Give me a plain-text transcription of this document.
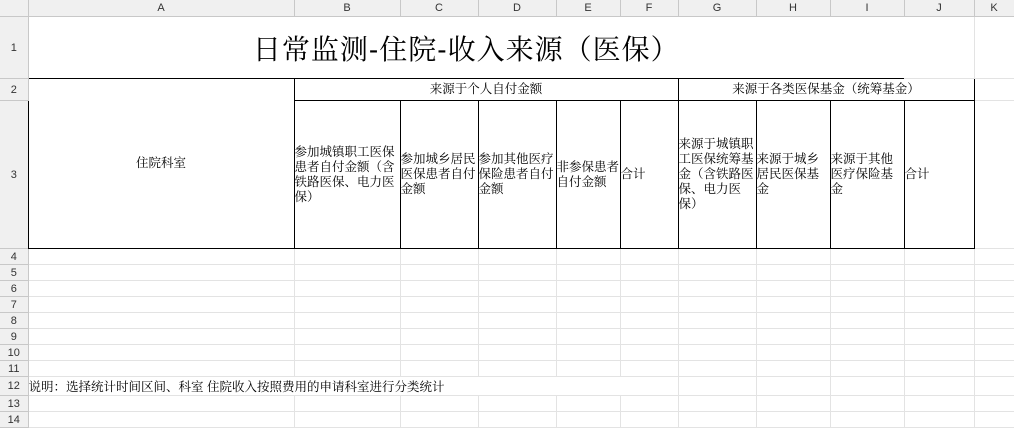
	A	B	C	D	E	F	G	H	I	J	K
1	日常监测-住院-收入来源（医保）										
2	住院科室	来源于个人自付金额					来源于各类医保基金（统筹基金）				
3		参加城镇职工医保患者自付金额（含铁路医保、电力医保）	参加城乡居民医保患者自付金额	参加其他医疗保险患者自付金额	非参保患者自付金额	合计	来源于城镇职工医保统筹基金（含铁路医保、电力医保）	来源于城乡居民医保基金	来源于其他医疗保险基金	合计	
4											
5											
6											
7											
8											
9											
10											
11											
12	说明：选择统计时间区间、科室 住院收入按照费用的申请科室进行分类统计										
13											
14											
